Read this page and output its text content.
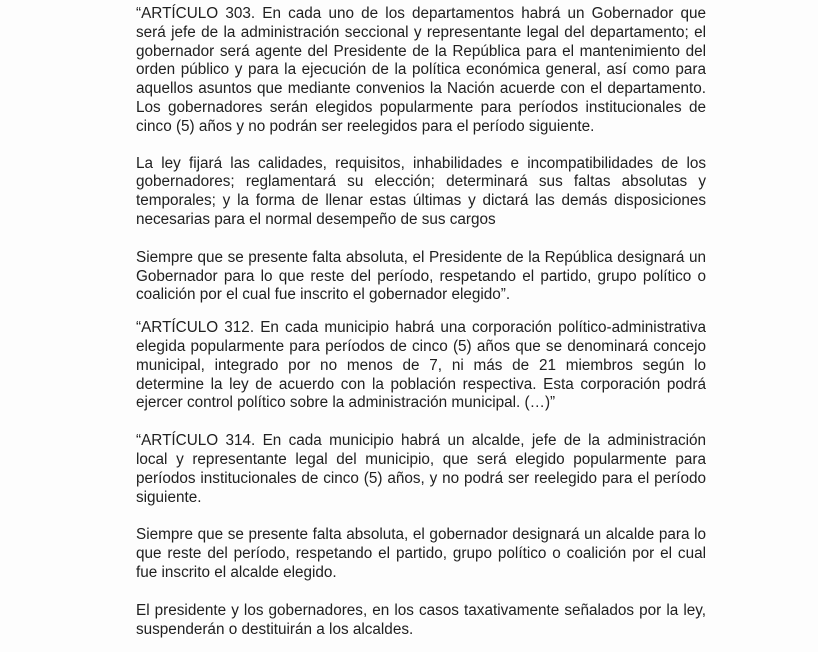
“ARTÍCULO 303. En cada uno de los departamentos habrá un Gobernador que será jefe de la administración seccional y representante legal del departamento; el gobernador será agente del Presidente de la República para el mantenimiento del orden público y para la ejecución de la política económica general, así como para aquellos asuntos que mediante convenios la Nación acuerde con el departamento. Los gobernadores serán elegidos popularmente para períodos institucionales de cinco (5) años y no podrán ser reelegidos para el período siguiente.

La ley fijará las calidades, requisitos, inhabilidades e incompatibilidades de los gobernadores; reglamentará su elección; determinará sus faltas absolutas y temporales; y la forma de llenar estas últimas y dictará las demás disposiciones necesarias para el normal desempeño de sus cargos

Siempre que se presente falta absoluta, el Presidente de la República designará un Gobernador para lo que reste del período, respetando el partido, grupo político o coalición por el cual fue inscrito el gobernador elegido”.

“ARTÍCULO 312. En cada municipio habrá una corporación político-administrativa elegida popularmente para períodos de cinco (5) años que se denominará concejo municipal, integrado por no menos de 7, ni más de 21 miembros según lo determine la ley de acuerdo con la población respectiva. Esta corporación podrá ejercer control político sobre la administración municipal. (…)”

“ARTÍCULO 314. En cada municipio habrá un alcalde, jefe de la administración local y representante legal del municipio, que será elegido popularmente para períodos institucionales de cinco (5) años, y no podrá ser reelegido para el período siguiente.

Siempre que se presente falta absoluta, el gobernador designará un alcalde para lo que reste del período, respetando el partido, grupo político o coalición por el cual fue inscrito el alcalde elegido.

El presidente y los gobernadores, en los casos taxativamente señalados por la ley, suspenderán o destituirán a los alcaldes.
